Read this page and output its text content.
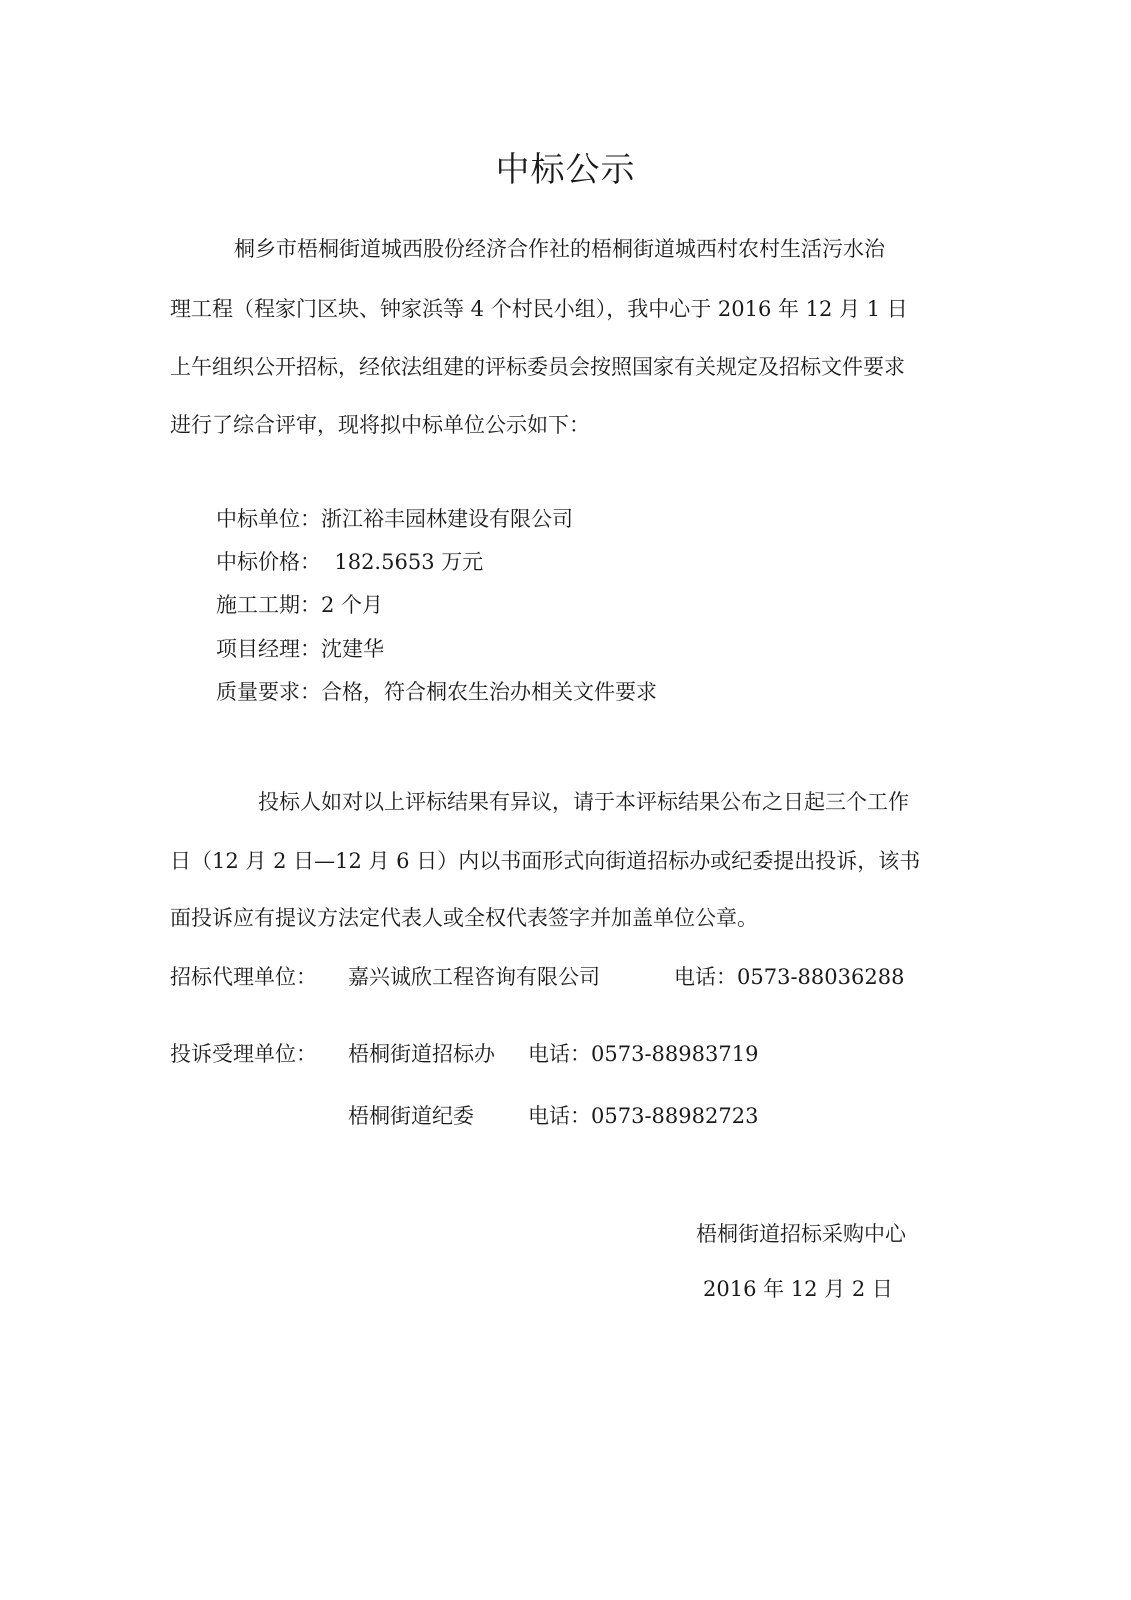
中标公示
桐乡市梧桐街道城西股份经济合作社的梧桐街道城西村农村生活污水治
理工程（程家门区块、钟家浜等 4 个村民小组），我中心于 2016 年 12 月 1 日
上午组织公开招标，经依法组建的评标委员会按照国家有关规定及招标文件要求
进行了综合评审，现将拟中标单位公示如下：
中标单位：浙江裕丰园林建设有限公司
中标价格：  182.5653 万元
施工工期：2 个月
项目经理：沈建华
质量要求：合格，符合桐农生治办相关文件要求
投标人如对以上评标结果有异议，请于本评标结果公布之日起三个工作
日（12 月 2 日—12 月 6 日）内以书面形式向街道招标办或纪委提出投诉，该书
面投诉应有提议方法定代表人或全权代表签字并加盖单位公章。
招标代理单位： 嘉兴诚欣工程咨询有限公司	电话：0573-88036288
投诉受理单位： 梧桐街道招标办 电话：0573-88983719
梧桐街道纪委	电话：0573-88982723
梧桐街道招标采购中心
2016 年 12 月 2 日
